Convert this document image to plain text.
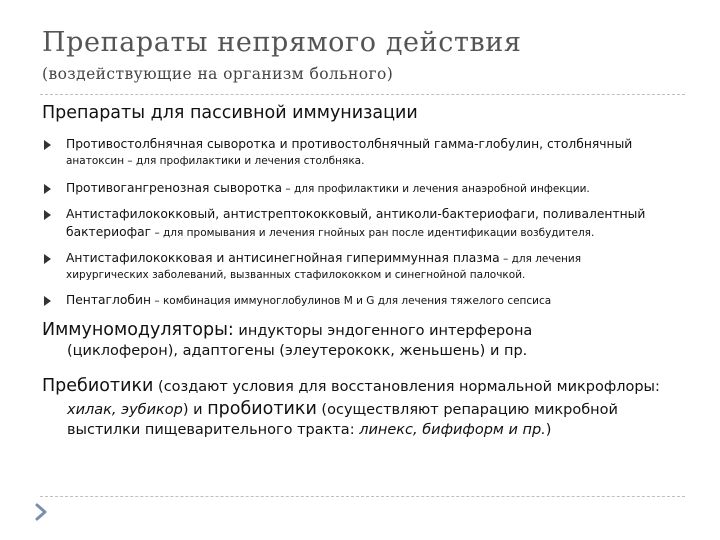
Препараты непрямого действия
(воздействующие на организм больного)
Препараты для пассивной иммунизации
Противостолбнячная сыворотка и противостолбнячный гамма-глобулин, столбнячный
анатоксин – для профилактики и лечения столбняка.
Противогангренозная сыворотка – для профилактики и лечения анаэробной инфекции.
Антистафилококковый, антистрептококковый, антиколи-бактериофаги, поливалентный
бактериофаг – для промывания и лечения гнойных ран после идентификации возбудителя.
Антистафилококковая и антисинегнойная гипериммунная плазма – для лечения
хирургических заболеваний, вызванных стафилококком и синегнойной палочкой.
Пентаглобин – комбинация иммуноглобулинов M и G для лечения тяжелого сепсиса
Иммуномодуляторы: индукторы эндогенного интерферона
(циклоферон), адаптогены (элеутерококк, женьшень) и пр.
Пребиотики (создают условия для восстановления нормальной микрофлоры:
хилак, эубикор) и пробиотики (осуществляют репарацию микробной
выстилки пищеварительного тракта: линекс, бифиформ и пр.)
